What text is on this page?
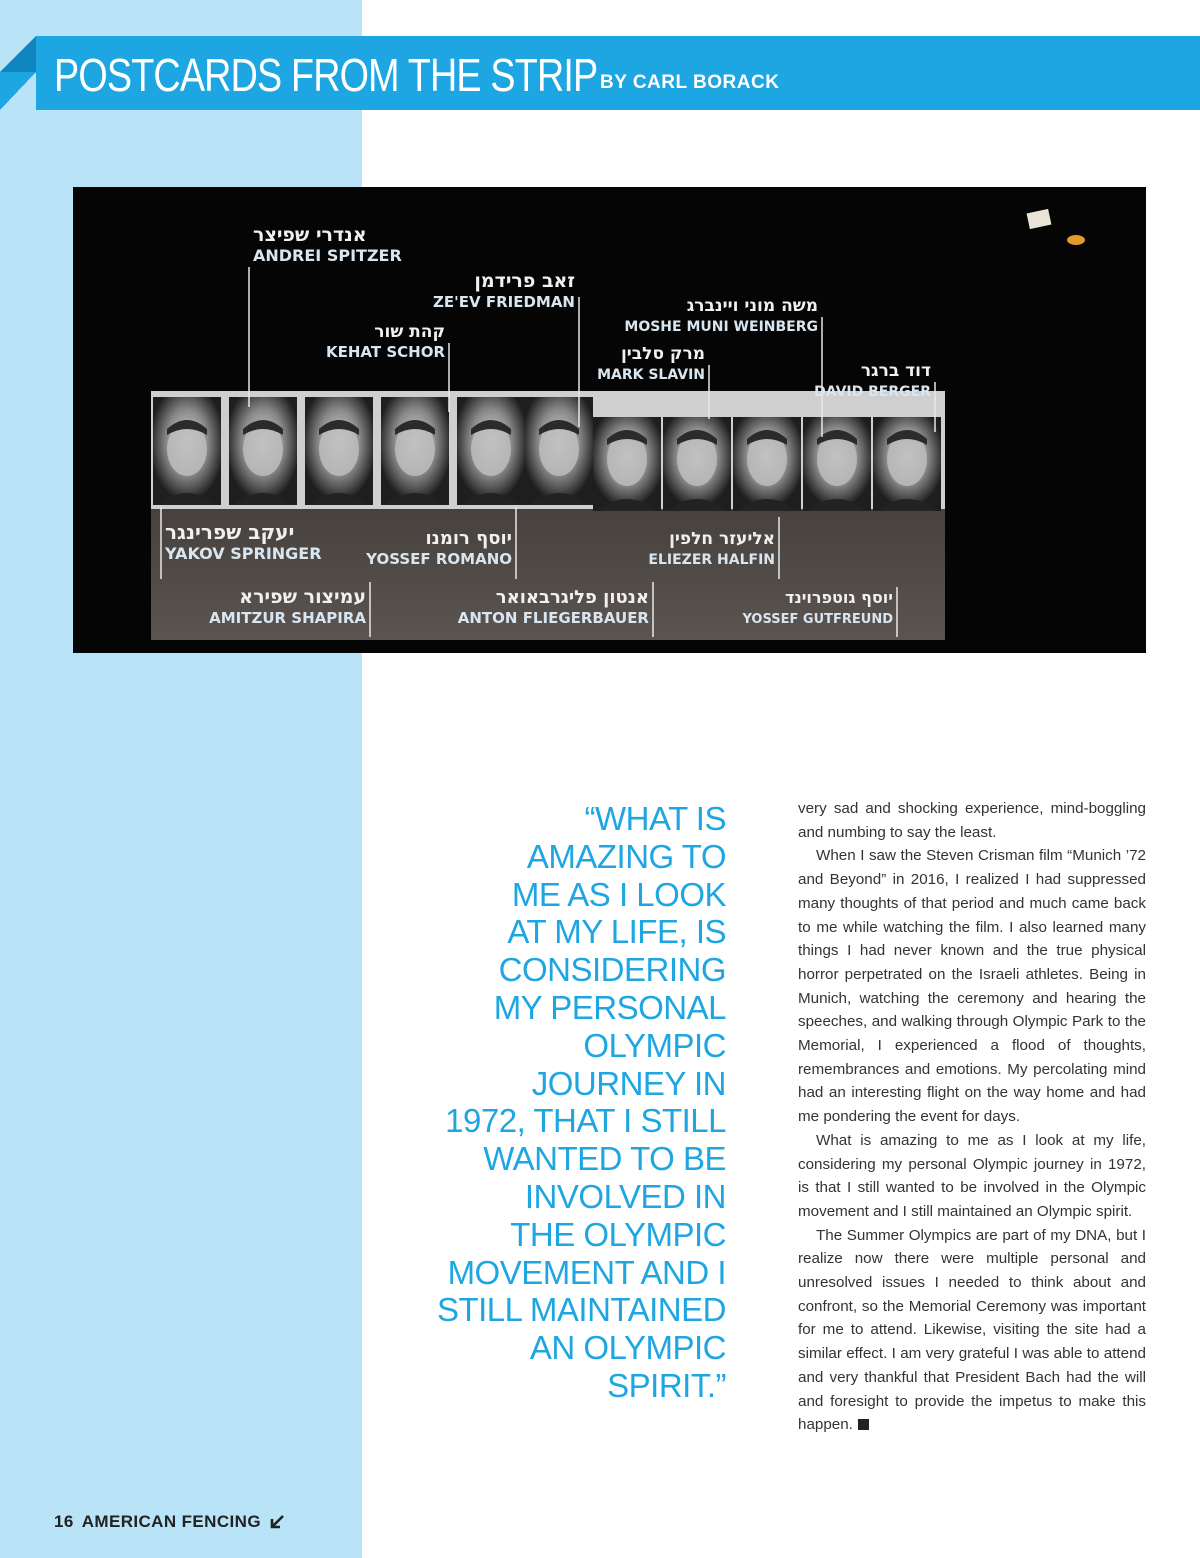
POSTCARDS FROM THE STRIP BY CARL BORACK
אנדרי שפיצר
ANDREI SPITZER
זאב פרידמן
ZE'EV FRIEDMAN	משה מוני ויינברג
MOSHE MUNI WEINBERG
קהת שור
KEHAT SCHOR	מרק סלבין
MARK SLAVIN	דוד ברגר
DAVID BERGER
יעקב שפרינגר
YAKOV SPRINGER
יוסף רומנו
YOSSEF ROMANO
אליעזר חלפין
ELIEZER HALFIN
עמיצור שפירא
AMITZUR SHAPIRA
אנטון פליגרבאואר
ANTON FLIEGERBAUER
יוסף גוטפרוינד
YOSSEF GUTFREUND
“WHAT IS
AMAZING TO
ME AS I LOOK
AT MY LIFE, IS
CONSIDERING
MY PERSONAL
OLYMPIC
JOURNEY IN
1972, THAT I STILL
WANTED TO BE
INVOLVED IN
THE OLYMPIC
MOVEMENT AND I
STILL MAINTAINED
AN OLYMPIC
SPIRIT.”

very sad and shocking experience, mind-boggling and numbing to say the least.

When I saw the Steven Crisman film “Munich ’72 and Beyond” in 2016, I realized I had suppressed many thoughts of that period and much came back to me while watching the film. I also learned many things I had never known and the true physical horror perpetrated on the Israeli athletes. Being in Munich, watching the ceremony and hearing the speeches, and walking through Olympic Park to the Memorial, I experienced a flood of thoughts, remembrances and emotions. My percolating mind had an interesting flight on the way home and had me pondering the event for days.

What is amazing to me as I look at my life, considering my personal Olympic journey in 1972, is that I still wanted to be involved in the Olympic movement and I still maintained an Olympic spirit.

The Summer Olympics are part of my DNA, but I realize now there were multiple personal and unresolved issues I needed to think about and confront, so the Memorial Ceremony was important for me to attend. Likewise, visiting the site had a similar effect. I am very grateful I was able to attend and very thankful that President Bach had the will and foresight to provide the impetus to make this happen.

16 AMERICAN FENCING
